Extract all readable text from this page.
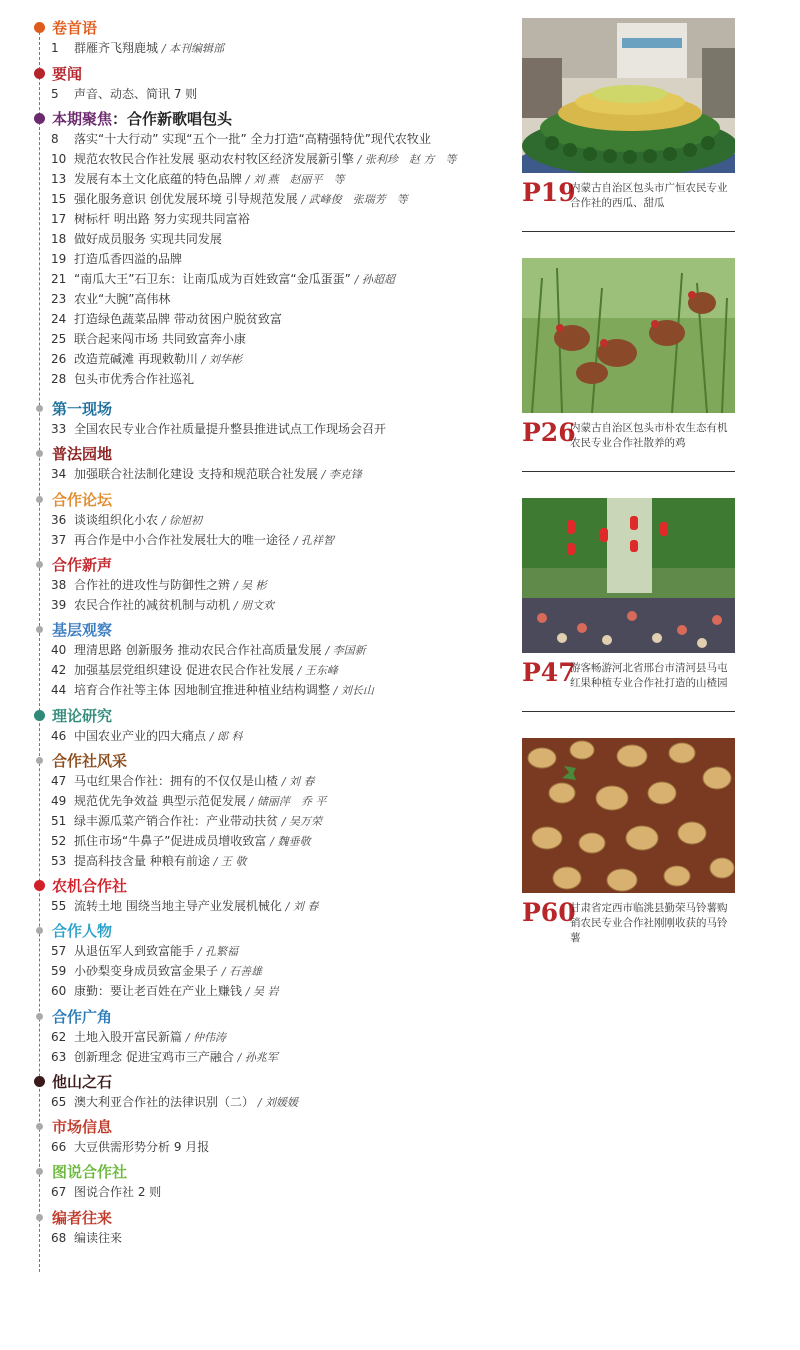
卷首语
1 群雁齐飞翔鹿城 / 本刊编辑部
要闻
5 声音、动态、简讯 7 则
本期聚焦：合作新歌唱包头
8 落实“十大行动” 实现“五个一批” 全力打造“高精强特优”现代农牧业
10 规范农牧民合作社发展 驱动农村牧区经济发展新引擎 / 张利珍　赵 方　等
13 发展有本土文化底蕴的特色品牌 / 刘 燕　赵丽平　等
15 强化服务意识 创优发展环境 引导规范发展 / 武峰俊　张瑞芳　等
17 树标杆 明出路 努力实现共同富裕
18 做好成员服务 实现共同发展
19 打造瓜香四溢的品牌
21 “南瓜大王”石卫东：让南瓜成为百姓致富“金瓜蛋蛋” / 孙超超
23 农业“大腕”高伟林
24 打造绿色蔬菜品牌 带动贫困户脱贫致富
25 联合起来闯市场 共同致富奔小康
26 改造荒碱滩 再现敕勒川 / 刘华彬
28 包头市优秀合作社巡礼
第一现场
33 全国农民专业合作社质量提升整县推进试点工作现场会召开
普法园地
34 加强联合社法制化建设 支持和规范联合社发展 / 李克锋
合作论坛
36 谈谈组织化小农 / 徐旭初
37 再合作是中小合作社发展壮大的唯一途径 / 孔祥智
合作新声
38 合作社的进攻性与防御性之辨 / 吴 彬
39 农民合作社的减贫机制与动机 / 朋文欢
基层观察
40 理清思路 创新服务 推动农民合作社高质量发展 / 李国新
42 加强基层党组织建设 促进农民合作社发展 / 王东峰
44 培育合作社等主体 因地制宜推进种植业结构调整 / 刘长山
理论研究
46 中国农业产业的四大痛点 / 郎 科
合作社风采
47 马屯红果合作社：拥有的不仅仅是山楂 / 刘 春
49 规范优先争效益 典型示范促发展 / 储丽萍　乔 平
51 绿丰源瓜菜产销合作社：产业带动扶贫 / 吴万荣
52 抓住市场“牛鼻子”促进成员增收致富 / 魏垂敬
53 提高科技含量 种粮有前途 / 王 敬
农机合作社
55 流转土地 围绕当地主导产业发展机械化 / 刘 春
合作人物
57 从退伍军人到致富能手 / 孔繁福
59 小砂梨变身成员致富金果子 / 石善雄
60 康勤：要让老百姓在产业上赚钱 / 吴 岩
合作广角
62 土地入股开富民新篇 / 仲伟涛
63 创新理念 促进宝鸡市三产融合 / 孙兆军
他山之石
65 澳大利亚合作社的法律识别（二） / 刘媛媛
市场信息
66 大豆供需形势分析 9 月报
图说合作社
67 图说合作社 2 则
编者往来
68 编读往来
P19
内蒙古自治区包头市广恒农民专业合作社的西瓜、甜瓜
P26
内蒙古自治区包头市朴农生态有机农民专业合作社散养的鸡
P47
游客畅游河北省邢台市清河县马屯红果种植专业合作社打造的山楂园
P60
甘肃省定西市临洮县勤荣马铃薯购销农民专业合作社刚刚收获的马铃薯
